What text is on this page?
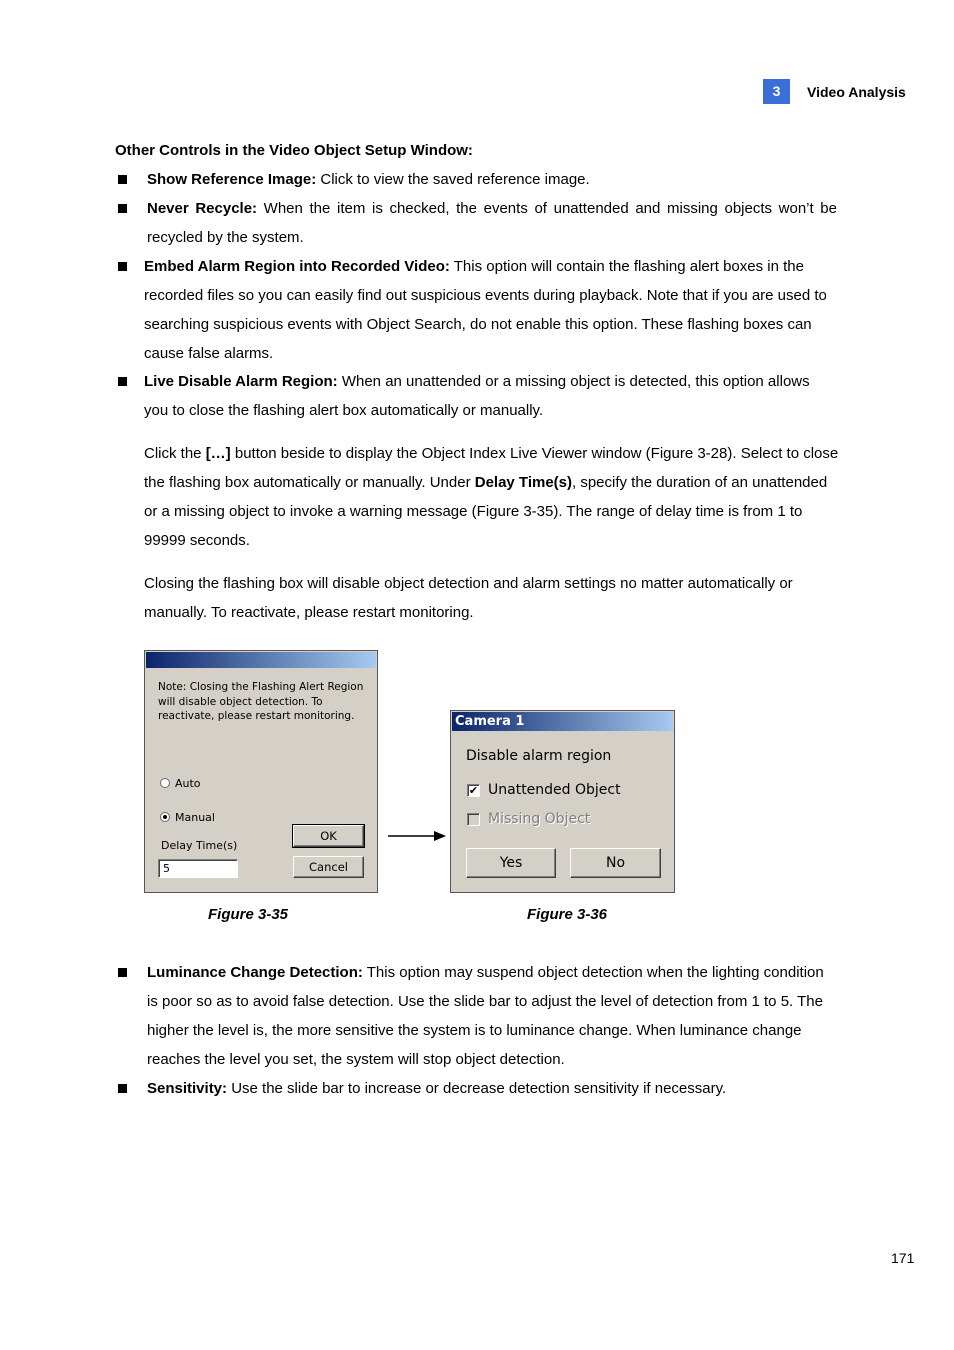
3	Video Analysis
Other Controls in the Video Object Setup Window:
Show Reference Image: Click to view the saved reference image.
Never Recycle: When the item is checked, the events of unattended and missing objects won’t be recycled by the system.
Embed Alarm Region into Recorded Video: This option will contain the flashing alert boxes in the recorded files so you can easily find out suspicious events during playback. Note that if you are used to searching suspicious events with Object Search, do not enable this option. These flashing boxes can cause false alarms.
Live Disable Alarm Region: When an unattended or a missing object is detected, this option allows you to close the flashing alert box automatically or manually.
Click the […] button beside to display the Object Index Live Viewer window (Figure 3-28). Select to close the flashing box automatically or manually. Under Delay Time(s), specify the duration of an unattended or a missing object to invoke a warning message (Figure 3-35). The range of delay time is from 1 to 99999 seconds.
Closing the flashing box will disable object detection and alarm settings no matter automatically or manually. To reactivate, please restart monitoring.
Note: Closing the Flashing Alert Region will disable object detection. To reactivate, please restart monitoring.
Auto
Manual
Delay Time(s)
5
OK
Cancel
Camera 1
Disable alarm region
✔ Unattended Object
Missing Object
Yes	No
Figure 3-35	Figure 3-36
Luminance Change Detection: This option may suspend object detection when the lighting condition is poor so as to avoid false detection. Use the slide bar to adjust the level of detection from 1 to 5. The higher the level is, the more sensitive the system is to luminance change. When luminance change reaches the level you set, the system will stop object detection.
Sensitivity: Use the slide bar to increase or decrease detection sensitivity if necessary.
171
